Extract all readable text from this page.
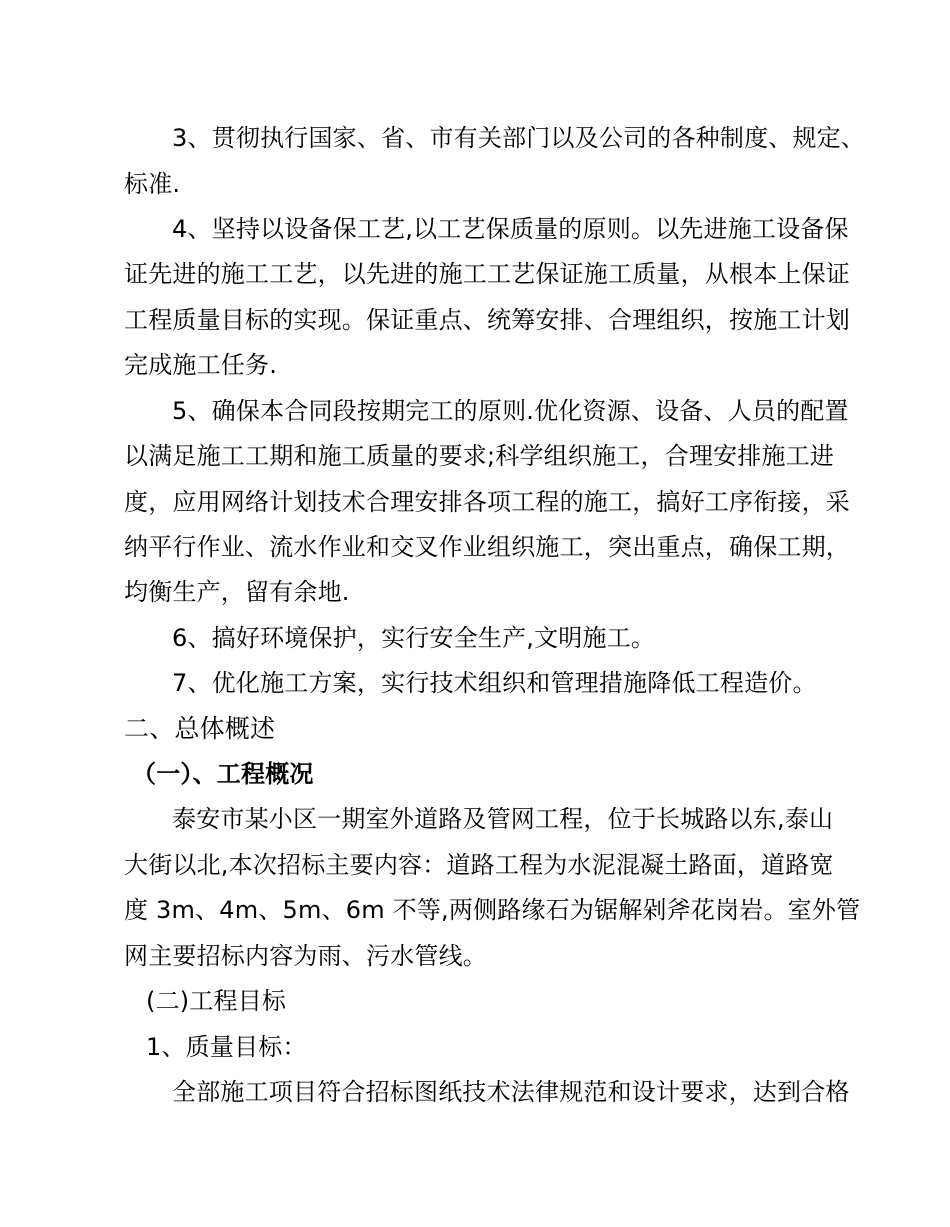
3、贯彻执行国家、省、市有关部门以及公司的各种制度、规定、
标准.
4、坚持以设备保工艺,以工艺保质量的原则。以先进施工设备保
证先进的施工工艺，以先进的施工工艺保证施工质量，从根本上保证
工程质量目标的实现。保证重点、统筹安排、合理组织，按施工计划
完成施工任务.
5、确保本合同段按期完工的原则.优化资源、设备、人员的配置
以满足施工工期和施工质量的要求;科学组织施工，合理安排施工进
度，应用网络计划技术合理安排各项工程的施工，搞好工序衔接，采
纳平行作业、流水作业和交叉作业组织施工，突出重点，确保工期，
均衡生产，留有余地.
6、搞好环境保护，实行安全生产,文明施工。
7、优化施工方案，实行技术组织和管理措施降低工程造价。
二、总体概述
（一）、工程概况
泰安市某小区一期室外道路及管网工程，位于长城路以东,泰山
大街以北,本次招标主要内容：道路工程为水泥混凝土路面，道路宽
度 3m、4m、5m、6m 不等,两侧路缘石为锯解剁斧花岗岩。室外管
网主要招标内容为雨、污水管线。
(二)工程目标
1、质量目标：
全部施工项目符合招标图纸技术法律规范和设计要求，达到合格
